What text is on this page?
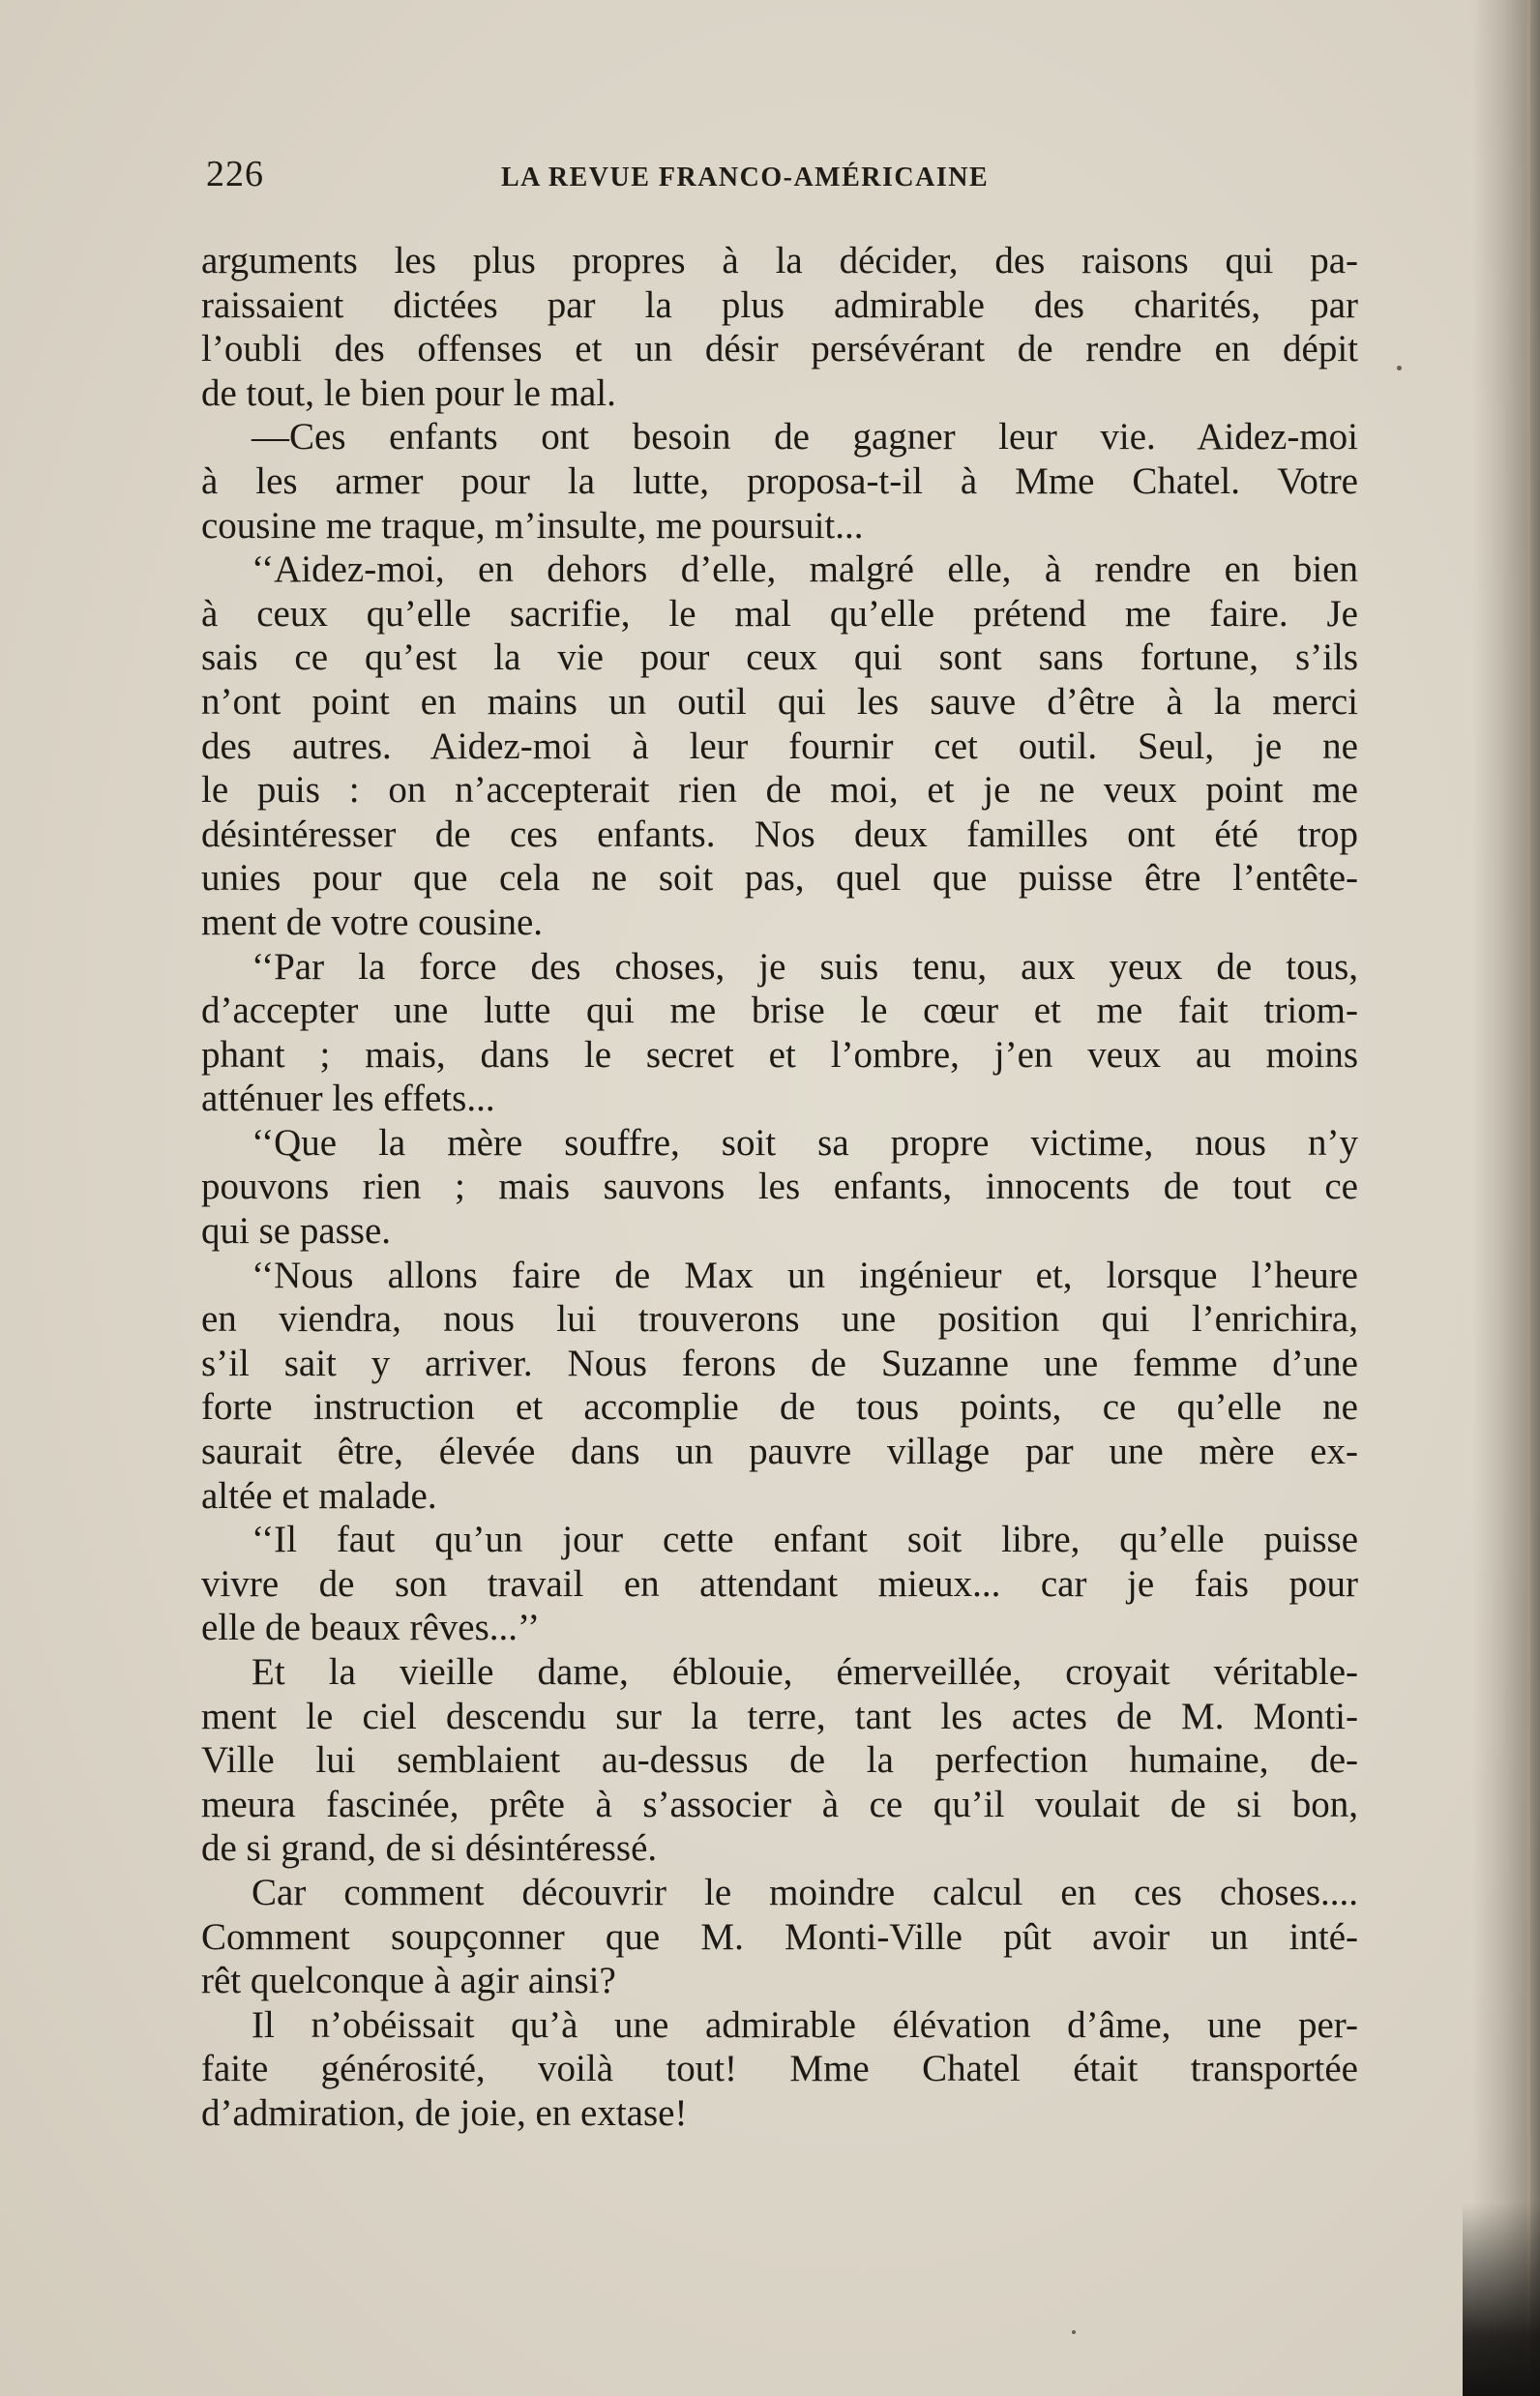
226	LA REVUE FRANCO-AMÉRICAINE

arguments les plus propres à la décider, des raisons qui pa-
raissaient dictées par la plus admirable des charités, par
l’oubli des offenses et un désir persévérant de rendre en dépit
de tout, le bien pour le mal.

—Ces enfants ont besoin de gagner leur vie. Aidez-moi
à les armer pour la lutte, proposa-t-il à Mme Chatel. Votre
cousine me traque, m’insulte, me poursuit...

‘‘Aidez-moi, en dehors d’elle, malgré elle, à rendre en bien
à ceux qu’elle sacrifie, le mal qu’elle prétend me faire. Je
sais ce qu’est la vie pour ceux qui sont sans fortune, s’ils
n’ont point en mains un outil qui les sauve d’être à la merci
des autres. Aidez-moi à leur fournir cet outil. Seul, je ne
le puis : on n’accepterait rien de moi, et je ne veux point me
désintéresser de ces enfants. Nos deux familles ont été trop
unies pour que cela ne soit pas, quel que puisse être l’entête-
ment de votre cousine.

‘‘Par la force des choses, je suis tenu, aux yeux de tous,
d’accepter une lutte qui me brise le cœur et me fait triom-
phant ; mais, dans le secret et l’ombre, j’en veux au moins
atténuer les effets...

‘‘Que la mère souffre, soit sa propre victime, nous n’y
pouvons rien ; mais sauvons les enfants, innocents de tout ce
qui se passe.

‘‘Nous allons faire de Max un ingénieur et, lorsque l’heure
en viendra, nous lui trouverons une position qui l’enrichira,
s’il sait y arriver. Nous ferons de Suzanne une femme d’une
forte instruction et accomplie de tous points, ce qu’elle ne
saurait être, élevée dans un pauvre village par une mère ex-
altée et malade.

‘‘Il faut qu’un jour cette enfant soit libre, qu’elle puisse
vivre de son travail en attendant mieux... car je fais pour
elle de beaux rêves...’’

Et la vieille dame, éblouie, émerveillée, croyait véritable-
ment le ciel descendu sur la terre, tant les actes de M. Monti-
Ville lui semblaient au-dessus de la perfection humaine, de-
meura fascinée, prête à s’associer à ce qu’il voulait de si bon,
de si grand, de si désintéressé.

Car comment découvrir le moindre calcul en ces choses....
Comment soupçonner que M. Monti-Ville pût avoir un inté-
rêt quelconque à agir ainsi?

Il n’obéissait qu’à une admirable élévation d’âme, une per-
faite générosité, voilà tout! Mme Chatel était transportée
d’admiration, de joie, en extase!
